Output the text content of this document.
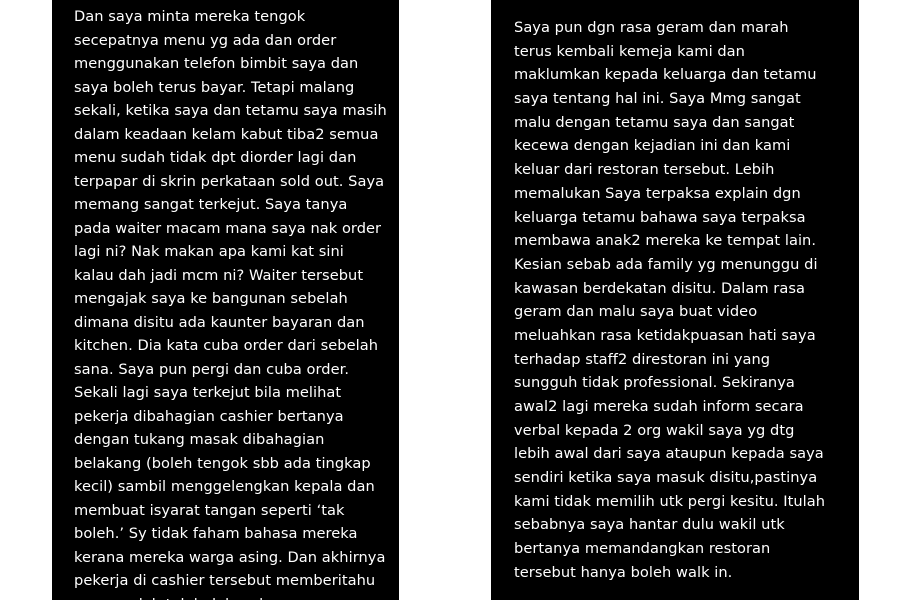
Dan saya minta mereka tengok
secepatnya menu yg ada dan order
menggunakan telefon bimbit saya dan
saya boleh terus bayar. Tetapi malang
sekali, ketika saya dan tetamu saya masih
dalam keadaan kelam kabut tiba2 semua
menu sudah tidak dpt diorder lagi dan
terpapar di skrin perkataan sold out. Saya
memang sangat terkejut. Saya tanya
pada waiter macam mana saya nak order
lagi ni? Nak makan apa kami kat sini
kalau dah jadi mcm ni? Waiter tersebut
mengajak saya ke bangunan sebelah
dimana disitu ada kaunter bayaran dan
kitchen. Dia kata cuba order dari sebelah
sana. Saya pun pergi dan cuba order.
Sekali lagi saya terkejut bila melihat
pekerja dibahagian cashier bertanya
dengan tukang masak dibahagian
belakang (boleh tengok sbb ada tingkap
kecil) sambil menggelengkan kepala dan
membuat isyarat tangan seperti ‘tak
boleh.’ Sy tidak faham bahasa mereka
kerana mereka warga asing. Dan akhirnya
pekerja di cashier tersebut memberitahu
mmg sudah tak boleh order.
Saya pun dgn rasa geram dan marah
terus kembali kemeja kami dan
maklumkan kepada keluarga dan tetamu
saya tentang hal ini. Saya Mmg sangat
malu dengan tetamu saya dan sangat
kecewa dengan kejadian ini dan kami
keluar dari restoran tersebut. Lebih
memalukan Saya terpaksa explain dgn
keluarga tetamu bahawa saya terpaksa
membawa anak2 mereka ke tempat lain.
Kesian sebab ada family yg menunggu di
kawasan berdekatan disitu. Dalam rasa
geram dan malu saya buat video
meluahkan rasa ketidakpuasan hati saya
terhadap staff2 direstoran ini yang
sungguh tidak professional. Sekiranya
awal2 lagi mereka sudah inform secara
verbal kepada 2 org wakil saya yg dtg
lebih awal dari saya ataupun kepada saya
sendiri ketika saya masuk disitu,pastinya
kami tidak memilih utk pergi kesitu. Itulah
sebabnya saya hantar dulu wakil utk
bertanya memandangkan restoran
tersebut hanya boleh walk in.
